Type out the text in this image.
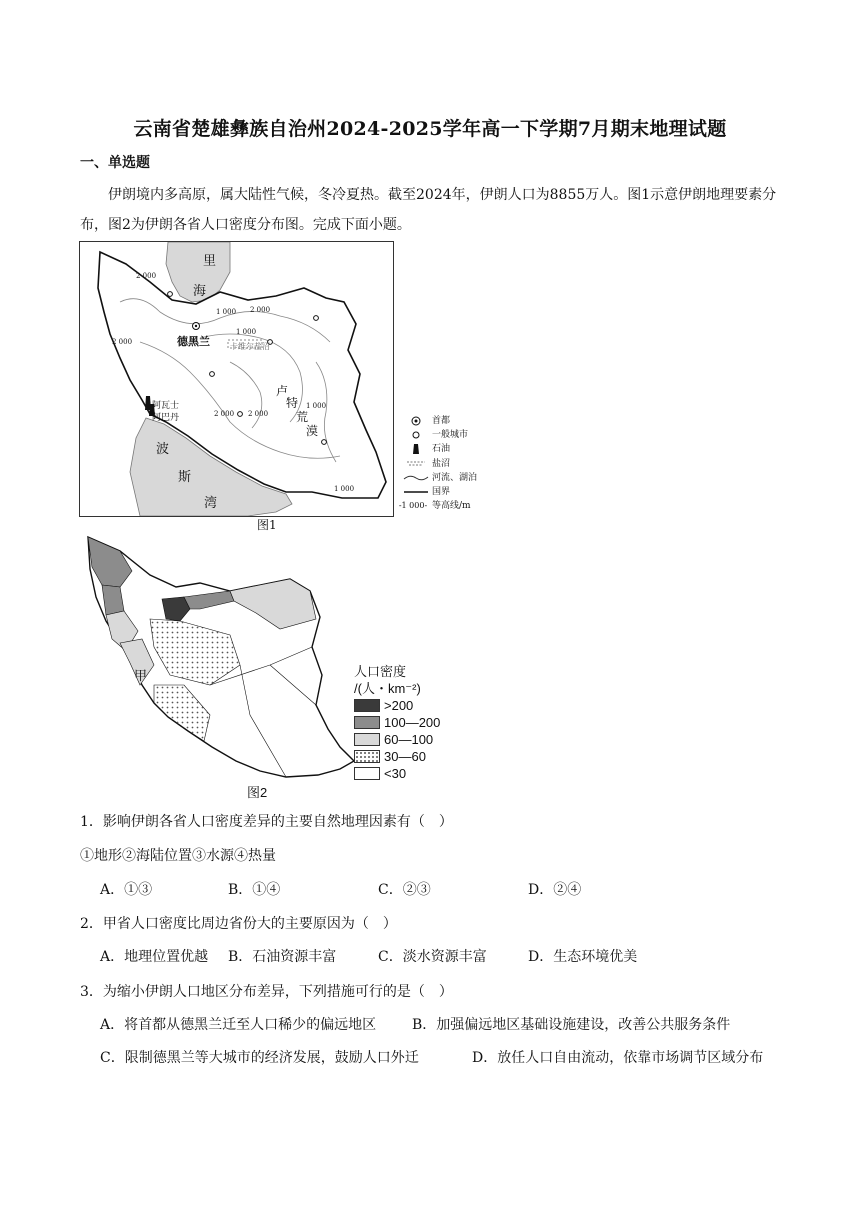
云南省楚雄彝族自治州2024-2025学年高一下学期7月期末地理试题
一、单选题
伊朗境内多高原，属大陆性气候，冬冷夏热。截至2024年，伊朗人口为8855万人。图1示意伊朗地理要素分布，图2为伊朗各省人口密度分布图。完成下面小题。
里
海
德黑兰	卡维尔盐沼
卢
特
荒
漠
阿瓦士
阿巴丹
波
斯
湾
2 000
1 000
1 000
2 000
2 000
2 000 2 000
1 000
1 000
图1
首都
一般城市
石油
盐沼
河流、湖泊
国界
-1 000- 等高线/m
甲
图2
人口密度
/(人・km⁻²)
>200
100—200
60—100
30—60
<30
1．影响伊朗各省人口密度差异的主要自然地理因素有（　）
①地形②海陆位置③水源④热量
A．①③	B．①④	C．②③	D．②④
2．甲省人口密度比周边省份大的主要原因为（　）
A．地理位置优越 B．石油资源丰富	C．淡水资源丰富	D．生态环境优美
3．为缩小伊朗人口地区分布差异，下列措施可行的是（　）
A．将首都从德黑兰迁至人口稀少的偏远地区	B．加强偏远地区基础设施建设，改善公共服务条件
C．限制德黑兰等大城市的经济发展，鼓励人口外迁	D．放任人口自由流动，依靠市场调节区域分布
